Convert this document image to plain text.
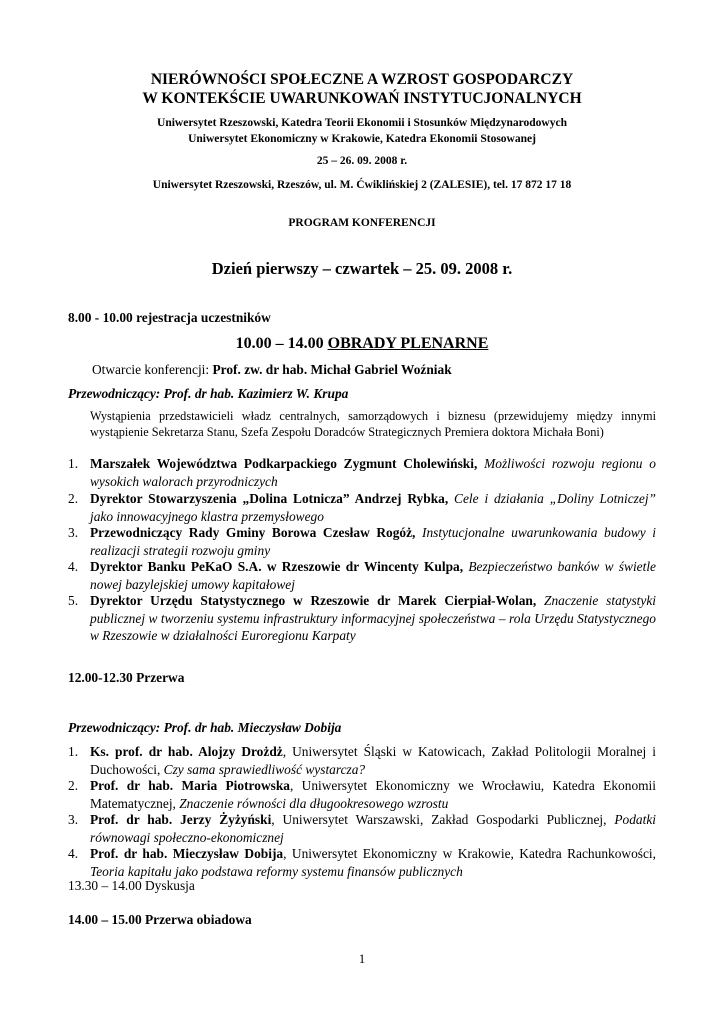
NIERÓWNOŚCI SPOŁECZNE A WZROST GOSPODARCZY
W KONTEKŚCIE UWARUNKOWAŃ INSTYTUCJONALNYCH
Uniwersytet Rzeszowski, Katedra Teorii Ekonomii i Stosunków Międzynarodowych
Uniwersytet Ekonomiczny w Krakowie, Katedra Ekonomii Stosowanej
25 – 26. 09. 2008 r.
Uniwersytet Rzeszowski, Rzeszów, ul. M. Ćwiklińskiej 2 (ZALESIE), tel. 17 872 17 18
PROGRAM KONFERENCJI
Dzień pierwszy – czwartek – 25. 09. 2008 r.
8.00 - 10.00 rejestracja uczestników
10.00 – 14.00 OBRADY PLENARNE
Otwarcie konferencji: Prof. zw. dr hab. Michał Gabriel Woźniak
Przewodniczący: Prof. dr hab. Kazimierz W. Krupa
Wystąpienia przedstawicieli władz centralnych, samorządowych i biznesu (przewidujemy między innymi wystąpienie Sekretarza Stanu, Szefa Zespołu Doradców Strategicznych Premiera doktora Michała Boni)
1. Marszałek Województwa Podkarpackiego Zygmunt Cholewiński, Możliwości rozwoju regionu o wysokich walorach przyrodniczych
2. Dyrektor Stowarzyszenia „Dolina Lotnicza” Andrzej Rybka, Cele i działania „Doliny Lotniczej” jako innowacyjnego klastra przemysłowego
3. Przewodniczący Rady Gminy Borowa Czesław Rogóż, Instytucjonalne uwarunkowania budowy i realizacji strategii rozwoju gminy
4. Dyrektor Banku PeKaO S.A. w Rzeszowie dr Wincenty Kulpa, Bezpieczeństwo banków w świetle nowej bazylejskiej umowy kapitałowej
5. Dyrektor Urzędu Statystycznego w Rzeszowie dr Marek Cierpiał-Wolan, Znaczenie statystyki publicznej w tworzeniu systemu infrastruktury informacyjnej społeczeństwa – rola Urzędu Statystycznego w Rzeszowie w działalności Euroregionu Karpaty
12.00-12.30 Przerwa
Przewodniczący: Prof. dr hab. Mieczysław Dobija
1. Ks. prof. dr hab. Alojzy Drożdż, Uniwersytet Śląski w Katowicach, Zakład Politologii Moralnej i Duchowości, Czy sama sprawiedliwość wystarcza?
2. Prof. dr hab. Maria Piotrowska, Uniwersytet Ekonomiczny we Wrocławiu, Katedra Ekonomii Matematycznej, Znaczenie równości dla długookresowego wzrostu
3. Prof. dr hab. Jerzy Żyżyński, Uniwersytet Warszawski, Zakład Gospodarki Publicznej, Podatki równowagi społeczno-ekonomicznej
4. Prof. dr hab. Mieczysław Dobija, Uniwersytet Ekonomiczny w Krakowie, Katedra Rachunkowości, Teoria kapitału jako podstawa reformy systemu finansów publicznych
13.30 – 14.00 Dyskusja
14.00 – 15.00 Przerwa obiadowa
1
